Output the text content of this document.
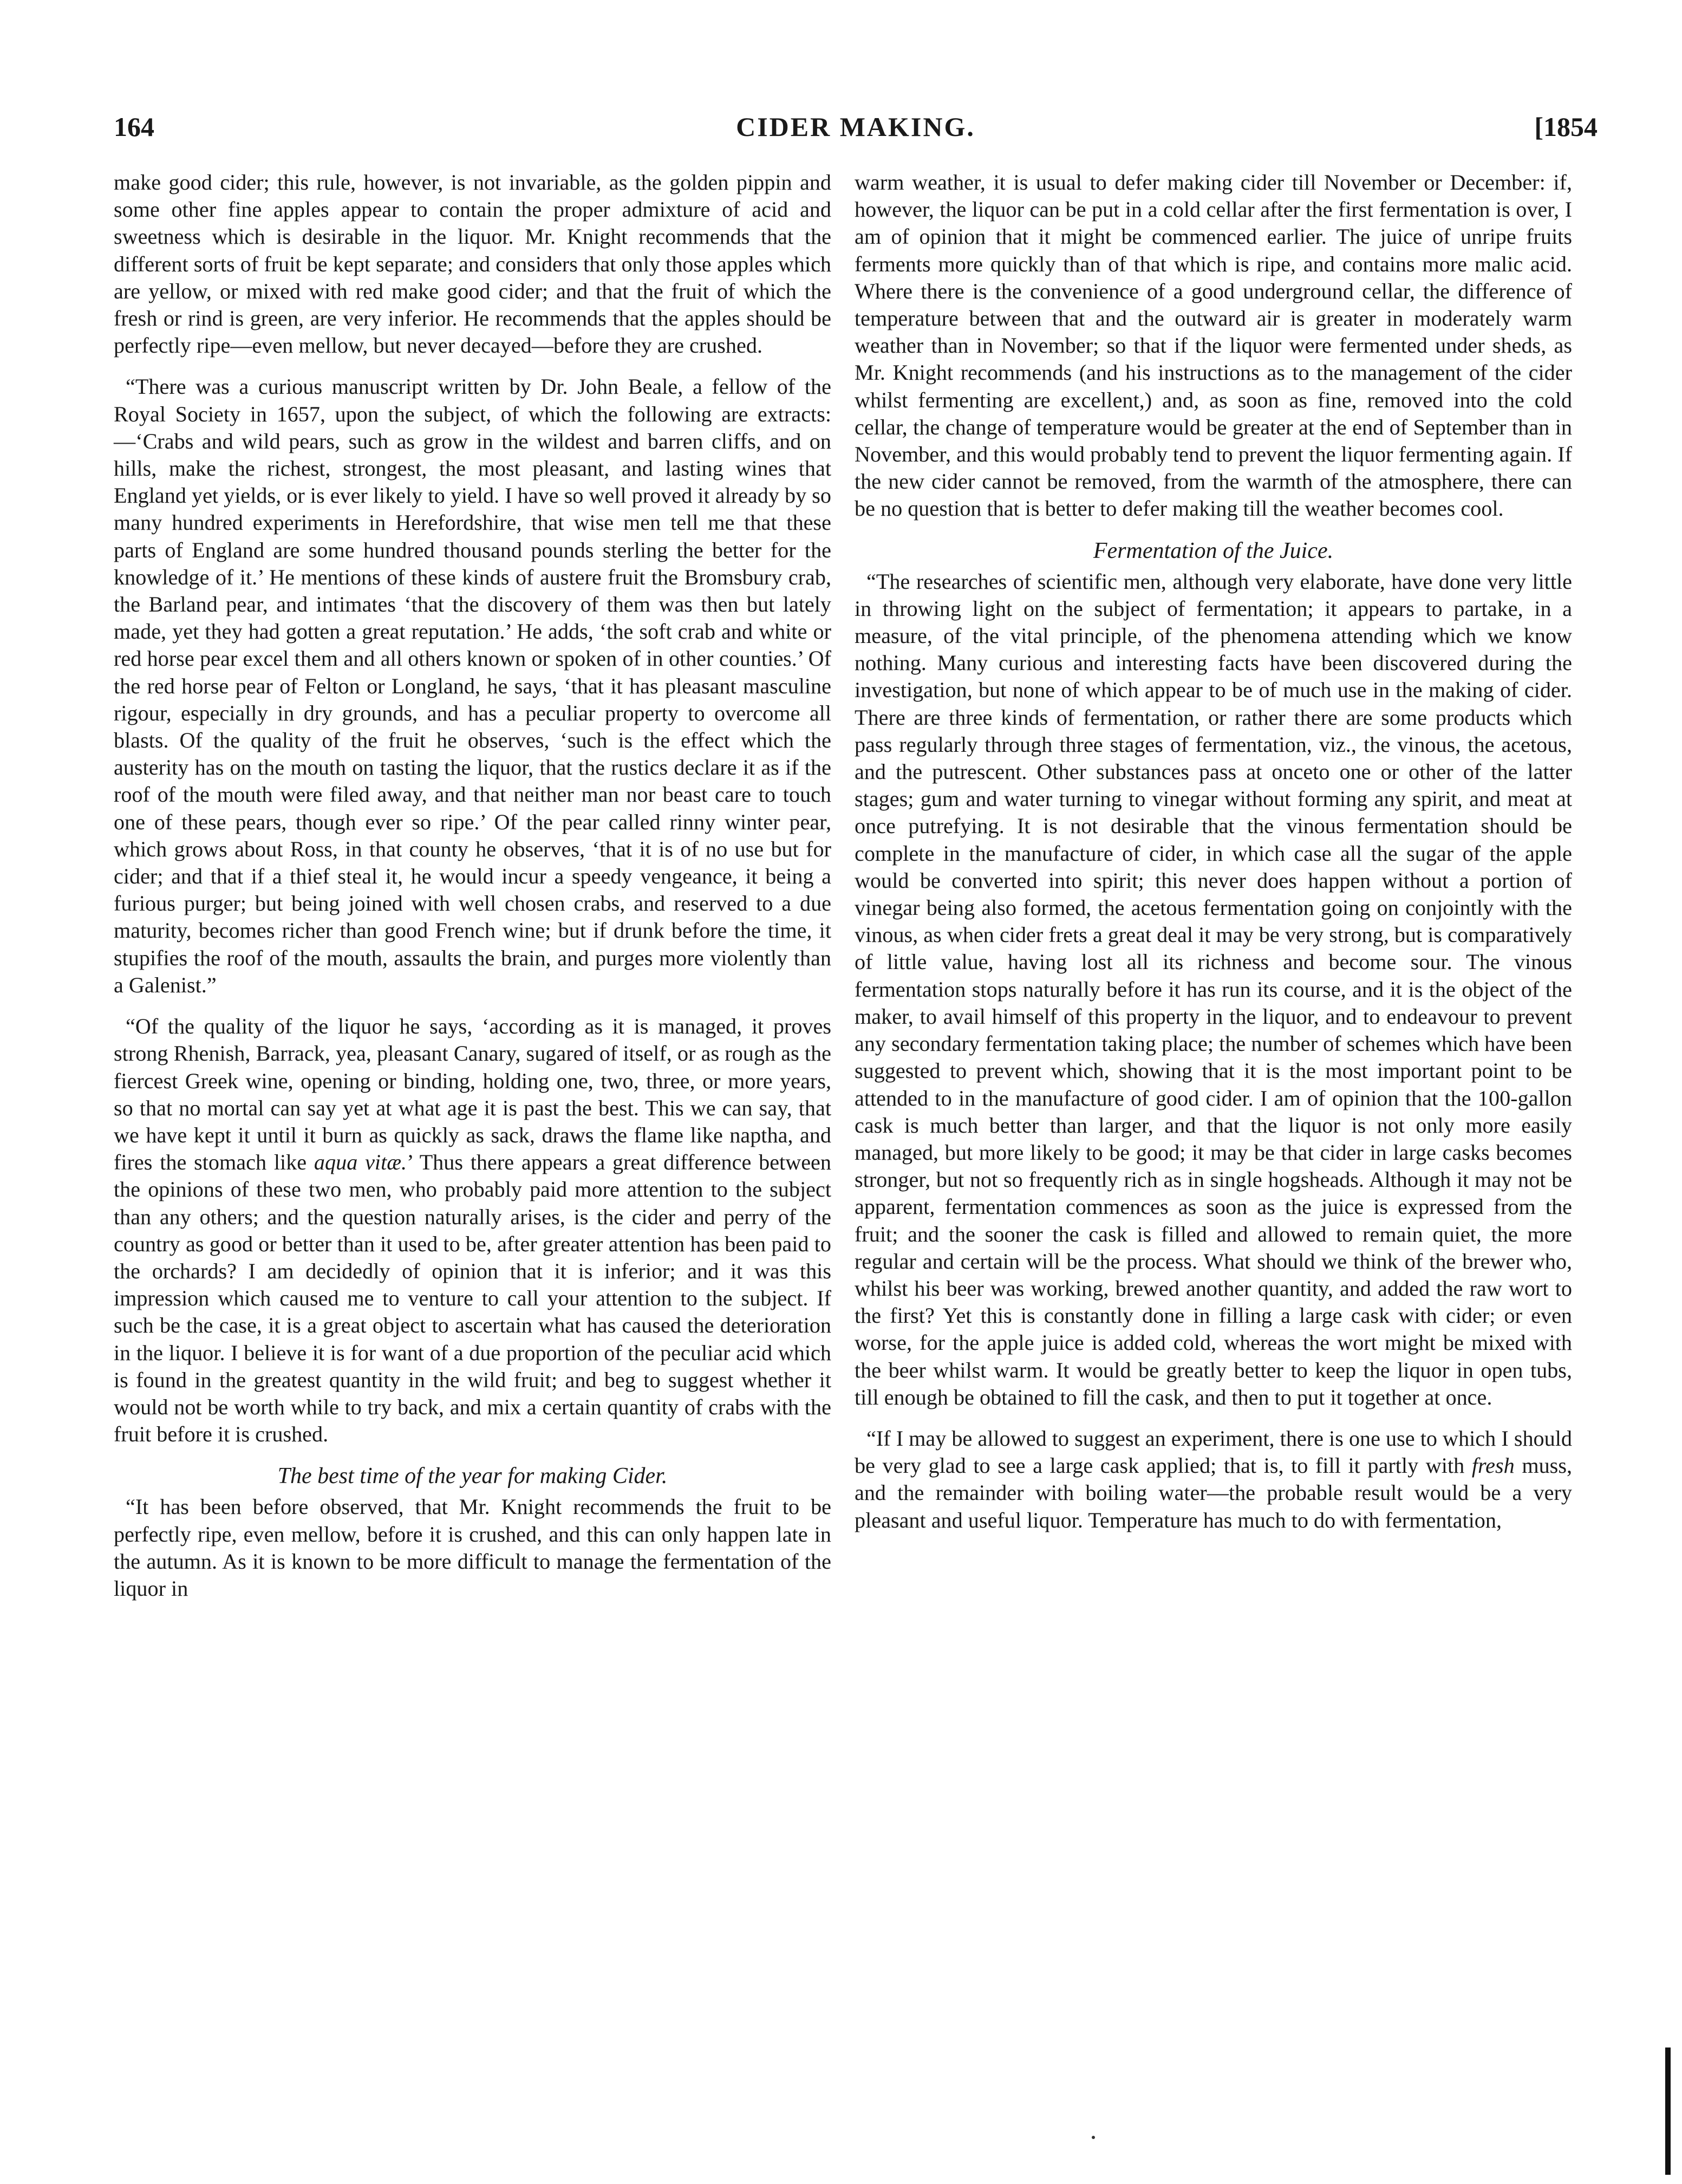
164	CIDER MAKING.	[1854

make good cider; this rule, however, is not invariable, as the golden pippin and some other fine apples appear to contain the proper admixture of acid and sweetness which is desirable in the liquor. Mr. Knight recommends that the different sorts of fruit be kept separate; and considers that only those apples which are yellow, or mixed with red make good cider; and that the fruit of which the fresh or rind is green, are very inferior. He recommends that the apples should be perfectly ripe—even mellow, but never decayed—before they are crushed.

“There was a curious manuscript written by Dr. John Beale, a fellow of the Royal Society in 1657, upon the subject, of which the following are extracts:—‘Crabs and wild pears, such as grow in the wildest and barren cliffs, and on hills, make the richest, strongest, the most pleasant, and lasting wines that England yet yields, or is ever likely to yield. I have so well proved it already by so many hundred experiments in Herefordshire, that wise men tell me that these parts of England are some hundred thousand pounds sterling the better for the knowledge of it.’ He mentions of these kinds of austere fruit the Bromsbury crab, the Barland pear, and intimates ‘that the discovery of them was then but lately made, yet they had gotten a great reputation.’ He adds, ‘the soft crab and white or red horse pear excel them and all others known or spoken of in other counties.’ Of the red horse pear of Felton or Longland, he says, ‘that it has pleasant masculine rigour, especially in dry grounds, and has a peculiar property to overcome all blasts. Of the quality of the fruit he observes, ‘such is the effect which the austerity has on the mouth on tasting the liquor, that the rustics declare it as if the roof of the mouth were filed away, and that neither man nor beast care to touch one of these pears, though ever so ripe.’ Of the pear called rinny winter pear, which grows about Ross, in that county he observes, ‘that it is of no use but for cider; and that if a thief steal it, he would incur a speedy vengeance, it being a furious purger; but being joined with well chosen crabs, and reserved to a due maturity, becomes richer than good French wine; but if drunk before the time, it stupifies the roof of the mouth, assaults the brain, and purges more violently than a Galenist.”

“Of the quality of the liquor he says, ‘according as it is managed, it proves strong Rhenish, Barrack, yea, pleasant Canary, sugared of itself, or as rough as the fiercest Greek wine, opening or binding, holding one, two, three, or more years, so that no mortal can say yet at what age it is past the best. This we can say, that we have kept it until it burn as quickly as sack, draws the flame like naptha, and fires the stomach like aqua vitæ.’ Thus there appears a great difference between the opinions of these two men, who probably paid more attention to the subject than any others; and the question naturally arises, is the cider and perry of the country as good or better than it used to be, after greater attention has been paid to the orchards? I am decidedly of opinion that it is inferior; and it was this impression which caused me to venture to call your attention to the subject. If such be the case, it is a great object to ascertain what has caused the deterioration in the liquor. I believe it is for want of a due proportion of the peculiar acid which is found in the greatest quantity in the wild fruit; and beg to suggest whether it would not be worth while to try back, and mix a certain quantity of crabs with the fruit before it is crushed.

The best time of the year for making Cider.

“It has been before observed, that Mr. Knight recommends the fruit to be perfectly ripe, even mellow, before it is crushed, and this can only happen late in the autumn. As it is known to be more difficult to manage the fermentation of the liquor in

warm weather, it is usual to defer making cider till November or December: if, however, the liquor can be put in a cold cellar after the first fermentation is over, I am of opinion that it might be commenced earlier. The juice of unripe fruits ferments more quickly than of that which is ripe, and contains more malic acid. Where there is the convenience of a good underground cellar, the difference of temperature between that and the outward air is greater in moderately warm weather than in November; so that if the liquor were fermented under sheds, as Mr. Knight recommends (and his instructions as to the management of the cider whilst fermenting are excellent,) and, as soon as fine, removed into the cold cellar, the change of temperature would be greater at the end of September than in November, and this would probably tend to prevent the liquor fermenting again. If the new cider cannot be removed, from the warmth of the atmosphere, there can be no question that is better to defer making till the weather becomes cool.

Fermentation of the Juice.

“The researches of scientific men, although very elaborate, have done very little in throwing light on the subject of fermentation; it appears to partake, in a measure, of the vital principle, of the phenomena attending which we know nothing. Many curious and interesting facts have been discovered during the investigation, but none of which appear to be of much use in the making of cider. There are three kinds of fermentation, or rather there are some products which pass regularly through three stages of fermentation, viz., the vinous, the acetous, and the putrescent. Other substances pass at onceto one or other of the latter stages; gum and water turning to vinegar without forming any spirit, and meat at once putrefying. It is not desirable that the vinous fermentation should be complete in the manufacture of cider, in which case all the sugar of the apple would be converted into spirit; this never does happen without a portion of vinegar being also formed, the acetous fermentation going on conjointly with the vinous, as when cider frets a great deal it may be very strong, but is comparatively of little value, having lost all its richness and become sour. The vinous fermentation stops naturally before it has run its course, and it is the object of the maker, to avail himself of this property in the liquor, and to endeavour to prevent any secondary fermentation taking place; the number of schemes which have been suggested to prevent which, showing that it is the most important point to be attended to in the manufacture of good cider. I am of opinion that the 100-gallon cask is much better than larger, and that the liquor is not only more easily managed, but more likely to be good; it may be that cider in large casks becomes stronger, but not so frequently rich as in single hogsheads. Although it may not be apparent, fermentation commences as soon as the juice is expressed from the fruit; and the sooner the cask is filled and allowed to remain quiet, the more regular and certain will be the process. What should we think of the brewer who, whilst his beer was working, brewed another quantity, and added the raw wort to the first? Yet this is constantly done in filling a large cask with cider; or even worse, for the apple juice is added cold, whereas the wort might be mixed with the beer whilst warm. It would be greatly better to keep the liquor in open tubs, till enough be obtained to fill the cask, and then to put it together at once.

“If I may be allowed to suggest an experiment, there is one use to which I should be very glad to see a large cask applied; that is, to fill it partly with fresh muss, and the remainder with boiling water—the probable result would be a very pleasant and useful liquor. Temperature has much to do with fermentation,
